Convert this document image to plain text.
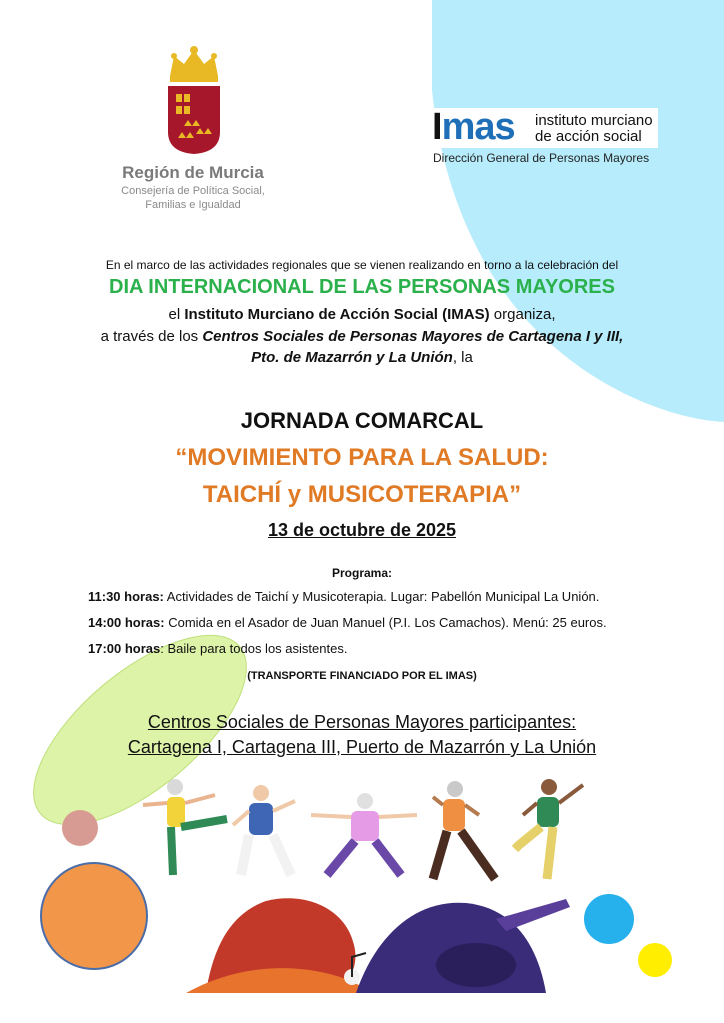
Región de Murcia
Consejería de Política Social,
Familias e Igualdad
Imas instituto murciano
de acción social
Dirección General de Personas Mayores
En el marco de las actividades regionales que se vienen realizando en torno a la celebración del
DIA INTERNACIONAL DE LAS PERSONAS MAYORES
el Instituto Murciano de Acción Social (IMAS) organiza,
a través de los Centros Sociales de Personas Mayores de Cartagena I y III,
Pto. de Mazarrón y La Unión, la
JORNADA COMARCAL
“MOVIMIENTO PARA LA SALUD:
TAICHÍ y MUSICOTERAPIA”
13 de octubre de 2025
Programa:
11:30 horas: Actividades de Taichí y Musicoterapia. Lugar: Pabellón Municipal La Unión.
14:00 horas: Comida en el Asador de Juan Manuel (P.I. Los Camachos). Menú: 25 euros.
17:00 horas: Baile para todos los asistentes.
(TRANSPORTE FINANCIADO POR EL IMAS)
Centros Sociales de Personas Mayores participantes:
Cartagena I, Cartagena III, Puerto de Mazarrón y La Unión
